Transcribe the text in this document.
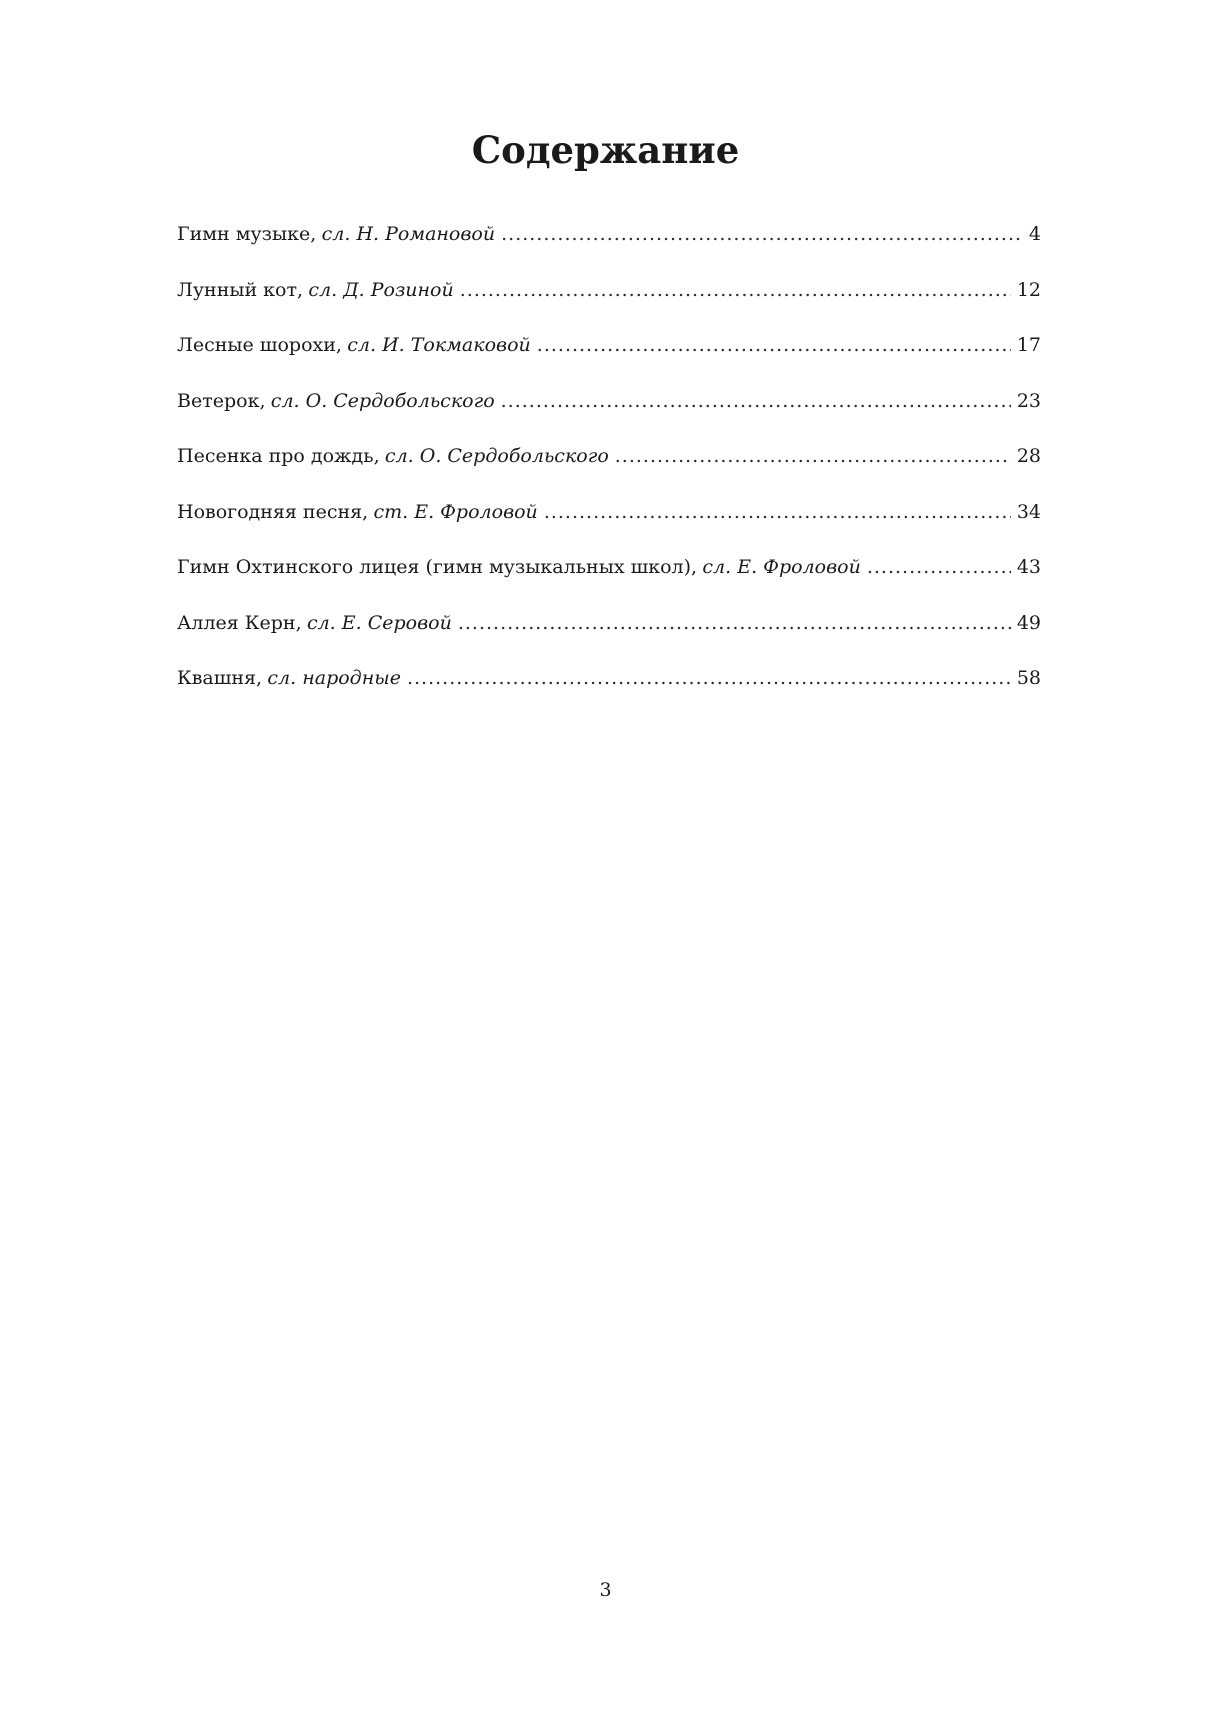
Содержание
Гимн музыке, сл. Н. Романовой .....	4
Лунный кот, сл. Д. Розиной .....	12
Лесные шорохи, сл. И. Токмаковой .....	17
Ветерок, сл. О. Сердобольского .....	23
Песенка про дождь, сл. О. Сердобольского .....	28
Новогодняя песня, ст. Е. Фроловой .....	34
Гимн Охтинского лицея (гимн музыкальных школ), сл. Е. Фроловой .....	43
Аллея Керн, сл. Е. Серовой .....	49
Квашня, сл. народные .....	58
3
